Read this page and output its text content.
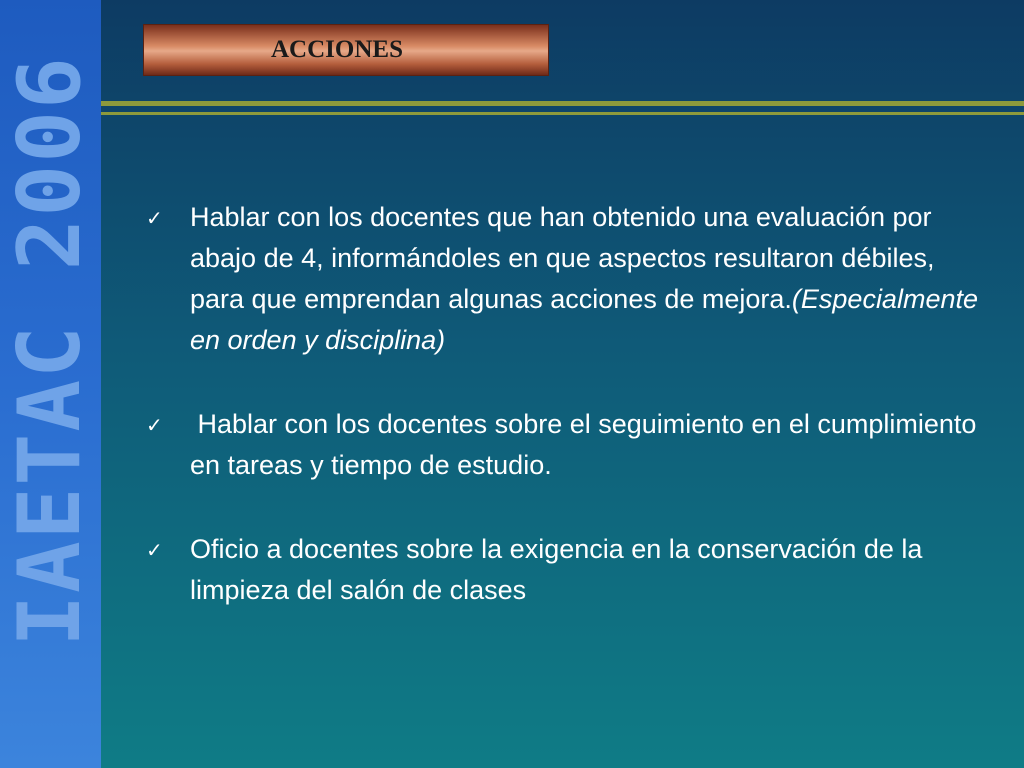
IAETAC 2006
ACCIONES
✓ Hablar con los docentes que han obtenido una evaluación por abajo de 4, informándoles en que aspectos resultaron débiles, para que emprendan algunas acciones de mejora.(Especialmente en orden y disciplina)
✓ Hablar con los docentes sobre el seguimiento en el cumplimiento en tareas y tiempo de estudio.
✓ Oficio a docentes sobre la exigencia en la conservación de la limpieza del salón de clases
